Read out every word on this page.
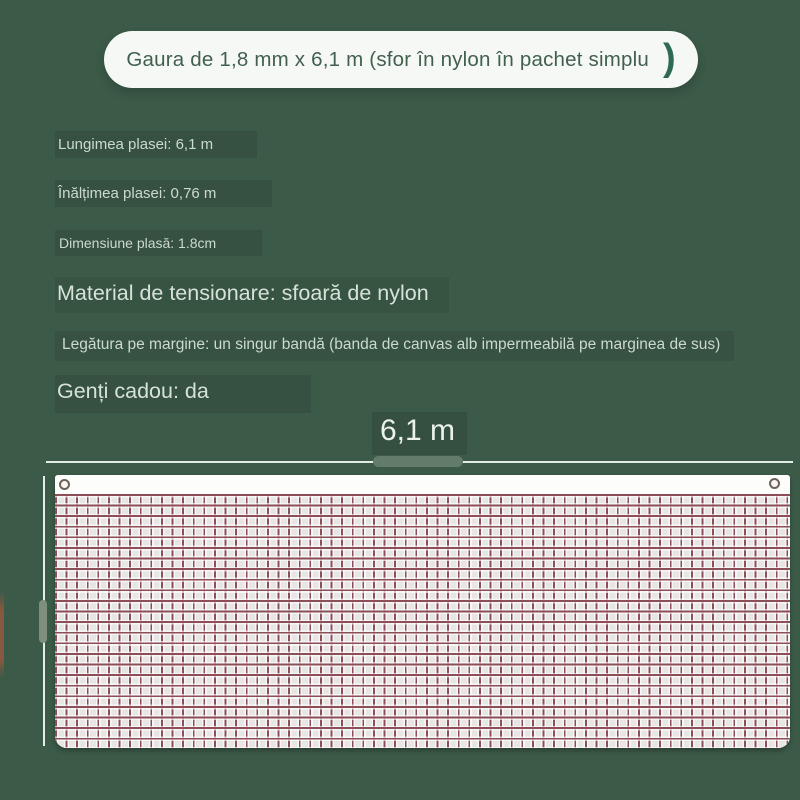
Gaura de 1,8 mm x 6,1 m (sfor în nylon în pachet simplu )
Lungimea plasei: 6,1 m
Înălțimea plasei: 0,76 m
Dimensiune plasă: 1.8cm
Material de tensionare: sfoară de nylon
Legătura pe margine: un singur bandă (banda de canvas alb impermeabilă pe marginea de sus)
Genți cadou: da
6,1 m
